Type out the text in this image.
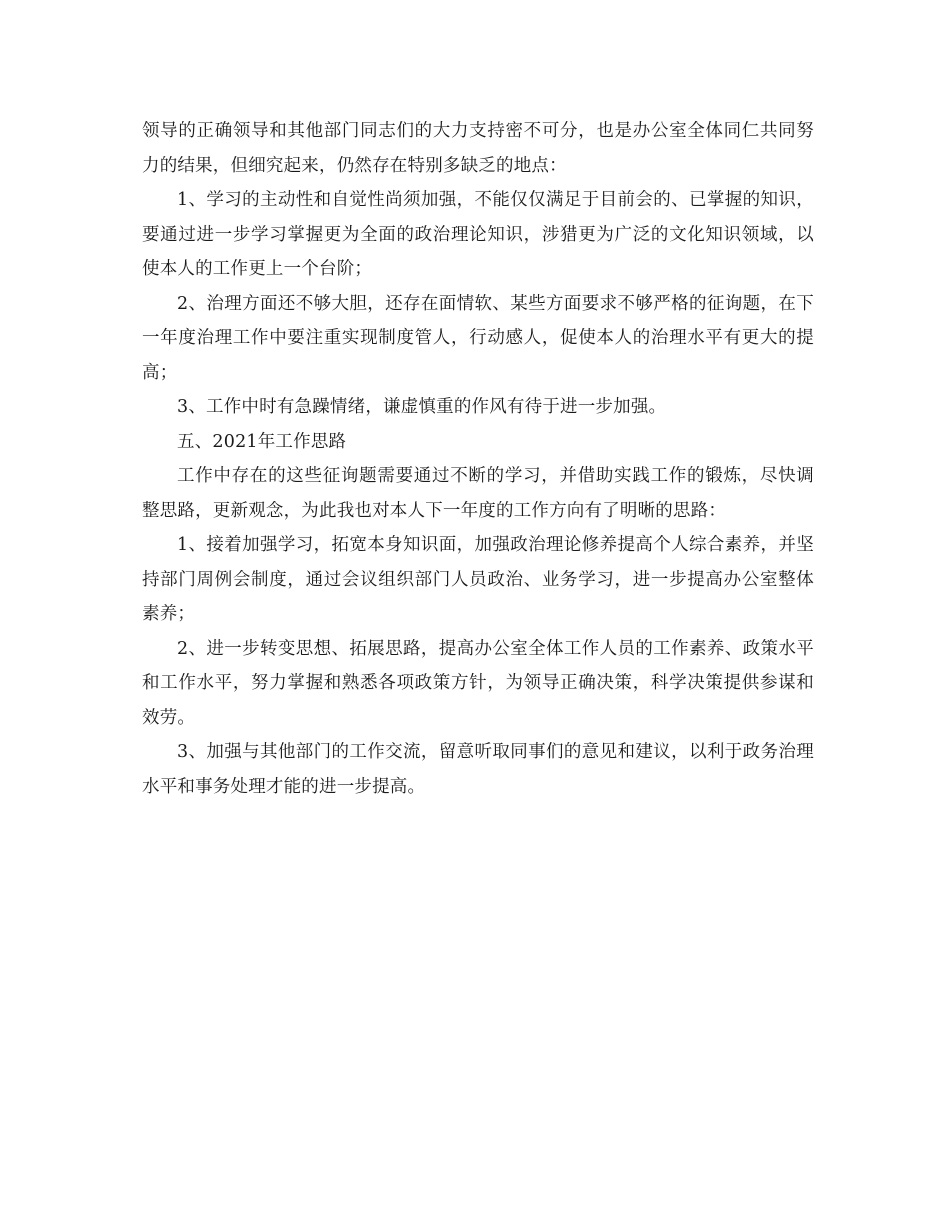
领导的正确领导和其他部门同志们的大力支持密不可分，也是办公室全体同仁共同努力的结果，但细究起来，仍然存在特别多缺乏的地点：

1、学习的主动性和自觉性尚须加强，不能仅仅满足于目前会的、已掌握的知识，要通过进一步学习掌握更为全面的政治理论知识，涉猎更为广泛的文化知识领域，以使本人的工作更上一个台阶；

2、治理方面还不够大胆，还存在面情软、某些方面要求不够严格的征询题，在下一年度治理工作中要注重实现制度管人，行动感人，促使本人的治理水平有更大的提高；

3、工作中时有急躁情绪，谦虚慎重的作风有待于进一步加强。

五、2021年工作思路

工作中存在的这些征询题需要通过不断的学习，并借助实践工作的锻炼，尽快调整思路，更新观念，为此我也对本人下一年度的工作方向有了明晰的思路：

1、接着加强学习，拓宽本身知识面，加强政治理论修养提高个人综合素养，并坚持部门周例会制度，通过会议组织部门人员政治、业务学习，进一步提高办公室整体素养；

2、进一步转变思想、拓展思路，提高办公室全体工作人员的工作素养、政策水平和工作水平，努力掌握和熟悉各项政策方针，为领导正确决策，科学决策提供参谋和效劳。

3、加强与其他部门的工作交流，留意听取同事们的意见和建议，以利于政务治理水平和事务处理才能的进一步提高。
